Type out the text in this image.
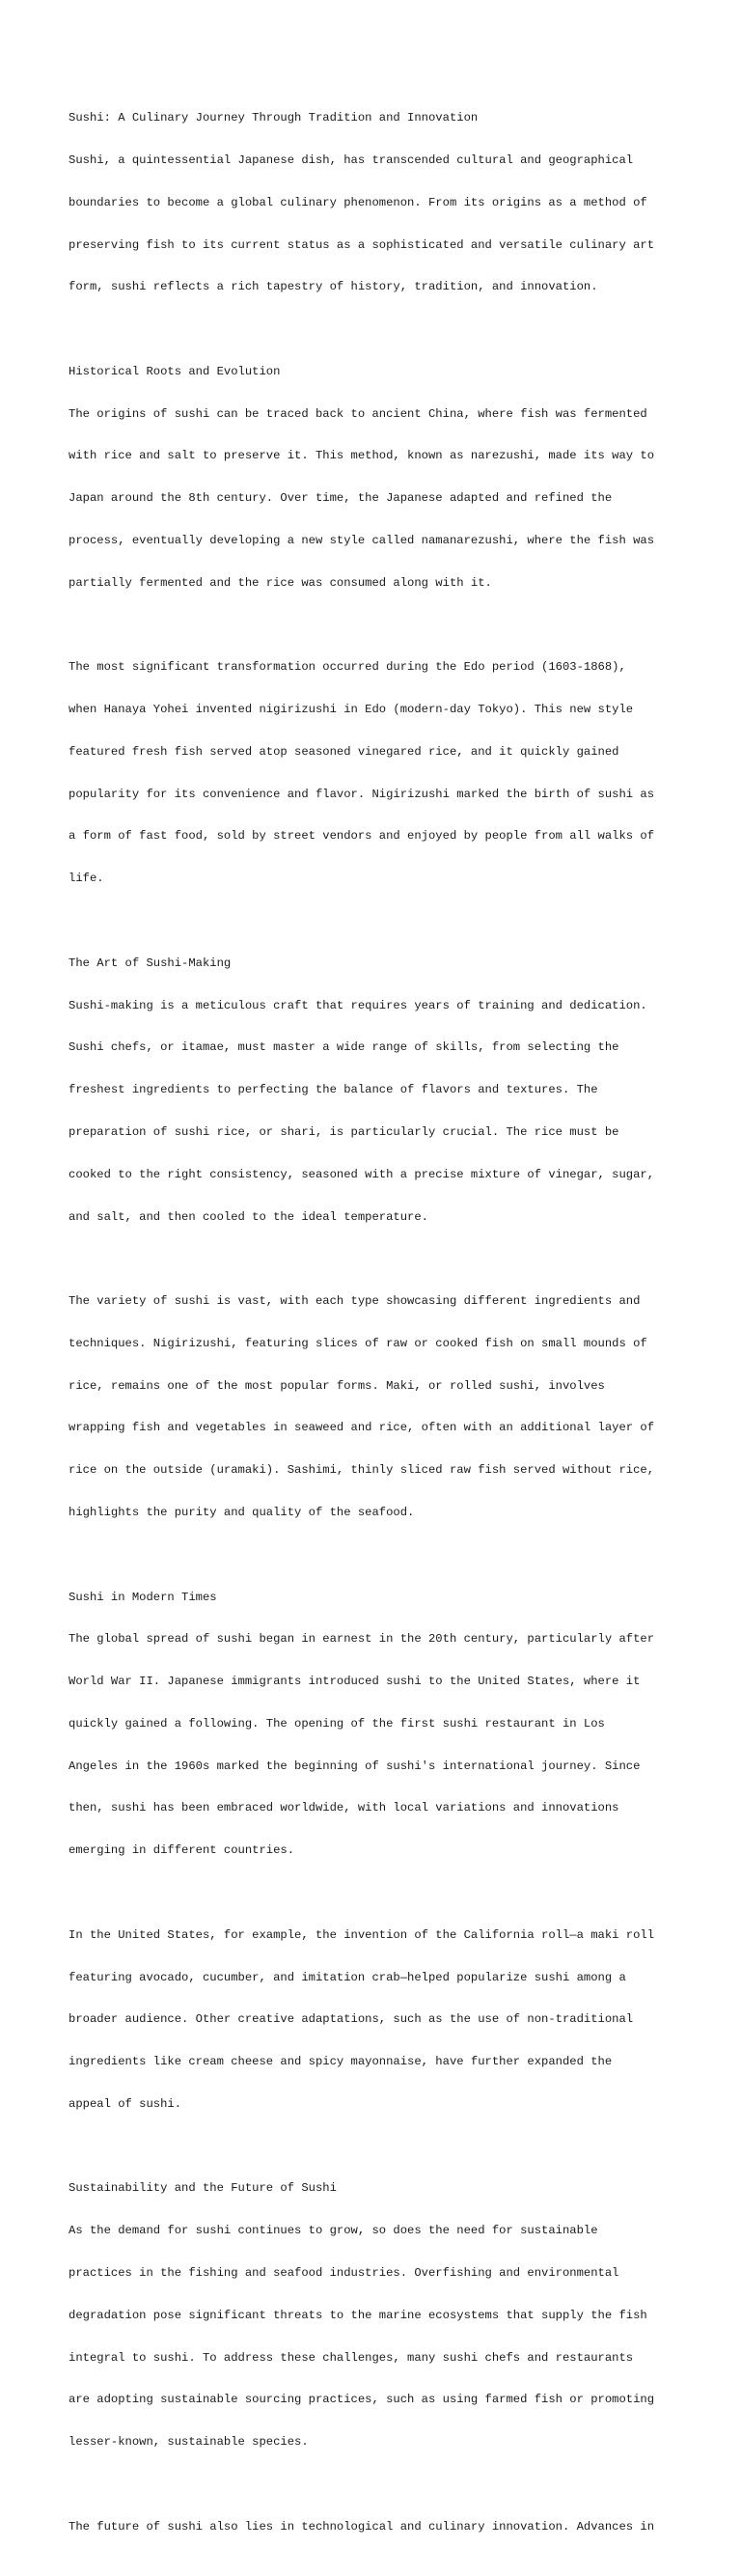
Sushi: A Culinary Journey Through Tradition and Innovation

Sushi, a quintessential Japanese dish, has transcended cultural and geographical

boundaries to become a global culinary phenomenon. From its origins as a method of

preserving fish to its current status as a sophisticated and versatile culinary art

form, sushi reflects a rich tapestry of history, tradition, and innovation.

Historical Roots and Evolution

The origins of sushi can be traced back to ancient China, where fish was fermented

with rice and salt to preserve it. This method, known as narezushi, made its way to

Japan around the 8th century. Over time, the Japanese adapted and refined the

process, eventually developing a new style called namanarezushi, where the fish was

partially fermented and the rice was consumed along with it.

The most significant transformation occurred during the Edo period (1603-1868),

when Hanaya Yohei invented nigirizushi in Edo (modern-day Tokyo). This new style

featured fresh fish served atop seasoned vinegared rice, and it quickly gained

popularity for its convenience and flavor. Nigirizushi marked the birth of sushi as

a form of fast food, sold by street vendors and enjoyed by people from all walks of

life.

The Art of Sushi-Making

Sushi-making is a meticulous craft that requires years of training and dedication.

Sushi chefs, or itamae, must master a wide range of skills, from selecting the

freshest ingredients to perfecting the balance of flavors and textures. The

preparation of sushi rice, or shari, is particularly crucial. The rice must be

cooked to the right consistency, seasoned with a precise mixture of vinegar, sugar,

and salt, and then cooled to the ideal temperature.

The variety of sushi is vast, with each type showcasing different ingredients and

techniques. Nigirizushi, featuring slices of raw or cooked fish on small mounds of

rice, remains one of the most popular forms. Maki, or rolled sushi, involves

wrapping fish and vegetables in seaweed and rice, often with an additional layer of

rice on the outside (uramaki). Sashimi, thinly sliced raw fish served without rice,

highlights the purity and quality of the seafood.

Sushi in Modern Times

The global spread of sushi began in earnest in the 20th century, particularly after

World War II. Japanese immigrants introduced sushi to the United States, where it

quickly gained a following. The opening of the first sushi restaurant in Los

Angeles in the 1960s marked the beginning of sushi's international journey. Since

then, sushi has been embraced worldwide, with local variations and innovations

emerging in different countries.

In the United States, for example, the invention of the California roll—a maki roll

featuring avocado, cucumber, and imitation crab—helped popularize sushi among a

broader audience. Other creative adaptations, such as the use of non-traditional

ingredients like cream cheese and spicy mayonnaise, have further expanded the

appeal of sushi.

Sustainability and the Future of Sushi

As the demand for sushi continues to grow, so does the need for sustainable

practices in the fishing and seafood industries. Overfishing and environmental

degradation pose significant threats to the marine ecosystems that supply the fish

integral to sushi. To address these challenges, many sushi chefs and restaurants

are adopting sustainable sourcing practices, such as using farmed fish or promoting

lesser-known, sustainable species.

The future of sushi also lies in technological and culinary innovation. Advances in
